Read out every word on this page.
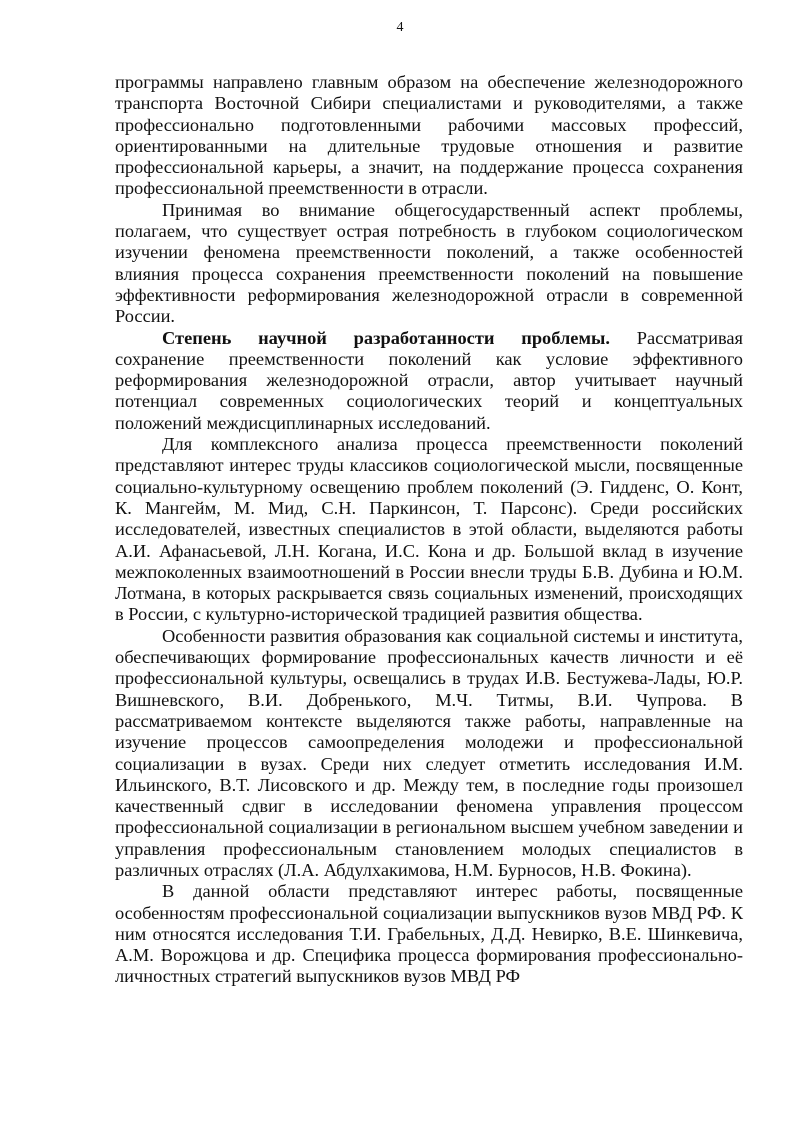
4

программы направлено главным образом на обеспечение железнодорожного транспорта Восточной Сибири специалистами и руководителями, а также профессионально подготовленными рабочими массовых профессий, ориентированными на длительные трудовые отношения и развитие профессиональной карьеры, а значит, на поддержание процесса сохранения профессиональной преемственности в отрасли.

Принимая во внимание общегосударственный аспект проблемы, полагаем, что существует острая потребность в глубоком социологическом изучении феномена преемственности поколений, а также особенностей влияния процесса сохранения преемственности поколений на повышение эффективности реформирования железнодорожной отрасли в современной России.

Степень научной разработанности проблемы. Рассматривая сохранение преемственности поколений как условие эффективного реформирования железнодорожной отрасли, автор учитывает научный потенциал современных социологических теорий и концептуальных положений междисциплинарных исследований.

Для комплексного анализа процесса преемственности поколений представляют интерес труды классиков социологической мысли, посвященные социально-культурному освещению проблем поколений (Э. Гидденс, О. Конт, К. Мангейм, М. Мид, С.Н. Паркинсон, Т. Парсонс). Среди российских исследователей, известных специалистов в этой области, выделяются работы А.И. Афанасьевой, Л.Н. Когана, И.С. Кона и др. Большой вклад в изучение межпоколенных взаимоотношений в России внесли труды Б.В. Дубина и Ю.М. Лотмана, в которых раскрывается связь социальных изменений, происходящих в России, с культурно-исторической традицией развития общества.

Особенности развития образования как социальной системы и института, обеспечивающих формирование профессиональных качеств личности и её профессиональной культуры, освещались в трудах И.В. Бестужева-Лады, Ю.Р. Вишневского, В.И. Добренького, М.Ч. Титмы, В.И. Чупрова. В рассматриваемом контексте выделяются также работы, направленные на изучение процессов самоопределения молодежи и профессиональной социализации в вузах. Среди них следует отметить исследования И.М. Ильинского, В.Т. Лисовского и др. Между тем, в последние годы произошел качественный сдвиг в исследовании феномена управления процессом профессиональной социализации в региональном высшем учебном заведении и управления профессиональным становлением молодых специалистов в различных отраслях (Л.А. Абдулхакимова, Н.М. Бурносов, Н.В. Фокина).

В данной области представляют интерес работы, посвященные особенностям профессиональной социализации выпускников вузов МВД РФ. К ним относятся исследования Т.И. Грабельных, Д.Д. Невирко, В.Е. Шинкевича, А.М. Ворожцова и др. Специфика процесса формирования профессионально-личностных стратегий выпускников вузов МВД РФ
